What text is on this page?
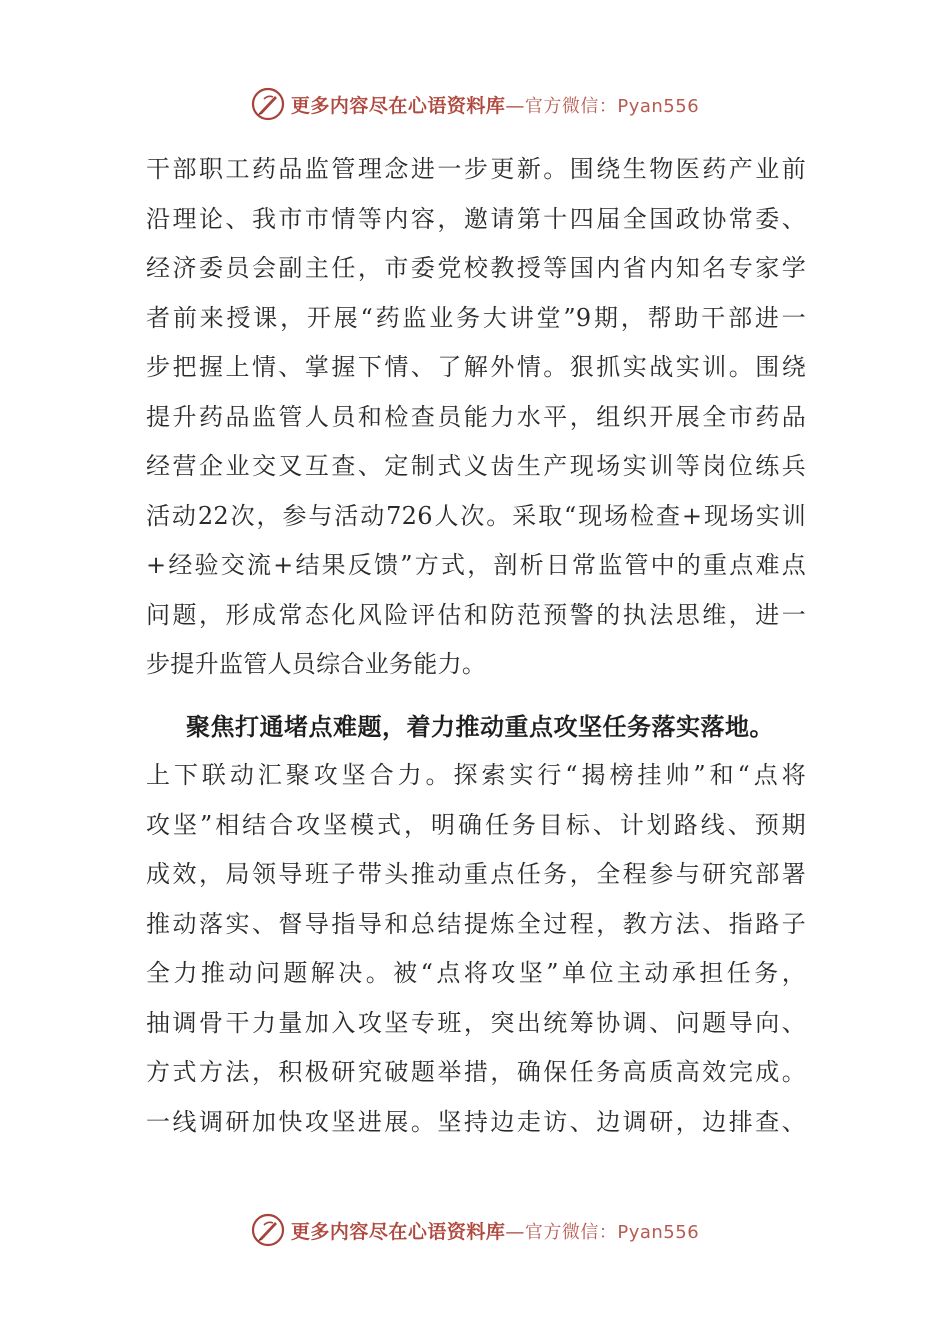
更多内容尽在心语资料库—官方微信：Pyan556
干部职工药品监管理念进一步更新。围绕生物医药产业前
沿理论、我市市情等内容，邀请第十四届全国政协常委、
经济委员会副主任，市委党校教授等国内省内知名专家学
者前来授课，开展“药监业务大讲堂”9期，帮助干部进一
步把握上情、掌握下情、了解外情。狠抓实战实训。围绕
提升药品监管人员和检查员能力水平，组织开展全市药品
经营企业交叉互查、定制式义齿生产现场实训等岗位练兵
活动22次，参与活动726人次。采取“现场检查+现场实训
+经验交流+结果反馈”方式，剖析日常监管中的重点难点
问题，形成常态化风险评估和防范预警的执法思维，进一
步提升监管人员综合业务能力。
聚焦打通堵点难题，着力推动重点攻坚任务落实落地。
上下联动汇聚攻坚合力。探索实行“揭榜挂帅”和“点将
攻坚”相结合攻坚模式，明确任务目标、计划路线、预期
成效，局领导班子带头推动重点任务，全程参与研究部署
推动落实、督导指导和总结提炼全过程，教方法、指路子
全力推动问题解决。被“点将攻坚”单位主动承担任务，
抽调骨干力量加入攻坚专班，突出统筹协调、问题导向、
方式方法，积极研究破题举措，确保任务高质高效完成。
一线调研加快攻坚进展。坚持边走访、边调研，边排查、
更多内容尽在心语资料库—官方微信：Pyan556
